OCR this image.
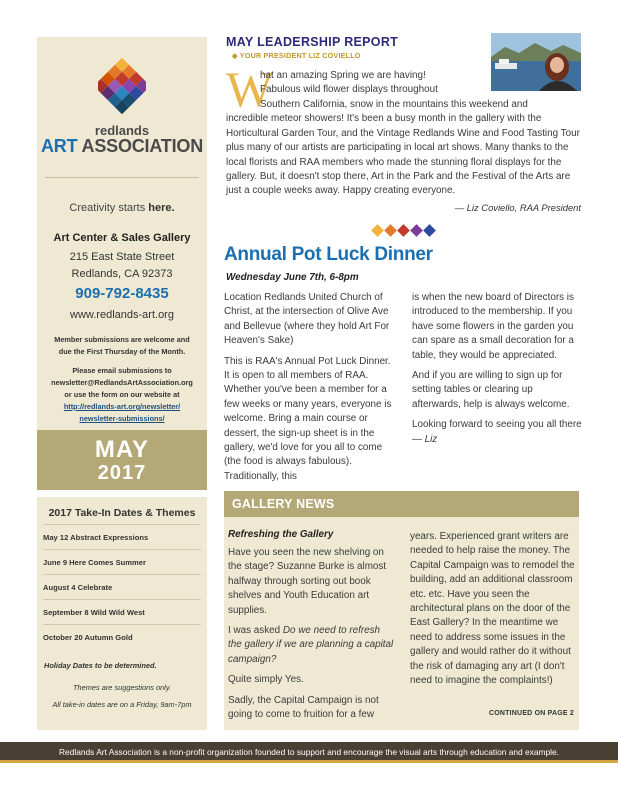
redlands
ART ASSOCIATION
Creativity starts here.
Art Center & Sales Gallery
215 East State Street
Redlands, CA 92373
909-792-8435
www.redlands-art.org
Member submissions are welcome and
due the First Thursday of the Month.
Please email submissions to
newsletter@RedlandsArtAssociation.org
or use the form on our website at
http://redlands-art.org/newsletter/
newsletter-submissions/
MAY
2017
2017 Take-In Dates & Themes
May 12 Abstract Expressions
June 9 Here Comes Summer
August 4 Celebrate
September 8 Wild Wild West
October 20 Autumn Gold
Holiday Dates to be determined.
Themes are suggestions only.
All take-in dates are on a Friday, 9am-7pm
MAY LEADERSHIP REPORT
◆ YOUR PRESIDENT LIZ COVIELLO
W
hat an amazing Spring we are having!
Fabulous wild flower displays throughout
Southern California, snow in the mountains this weekend and
incredible meteor showers! It's been a busy month in the gallery with the Horticultural Garden Tour, and the Vintage Redlands Wine and Food Tasting Tour plus many of our artists are participating in local art shows. Many thanks to the local florists and RAA members who made the stunning floral displays for the gallery. But, it doesn't stop there, Art in the Park and the Festival of the Arts are just a couple weeks away. Happy creating everyone.
— Liz Coviello, RAA President
Annual Pot Luck Dinner
Wednesday June 7th, 6-8pm

Location Redlands United Church of Christ, at the intersection of Olive Ave and Bellevue (where they hold Art For Heaven's Sake)

This is RAA's Annual Pot Luck Dinner. It is open to all members of RAA. Whether you've been a member for a few weeks or many years, everyone is welcome. Bring a main course or dessert, the sign-up sheet is in the gallery, we'd love for you all to come (the food is always fabulous). Traditionally, this

is when the new board of Directors is introduced to the membership. If you have some flowers in the garden you can spare as a small decoration for a table, they would be appreciated.

And if you are willing to sign up for setting tables or clearing up afterwards, help is always welcome.

Looking forward to seeing you all there — Liz

GALLERY NEWS
Refreshing the Gallery

Have you seen the new shelving on the stage? Suzanne Burke is almost halfway through sorting out book shelves and Youth Education art supplies.

I was asked Do we need to refresh the gallery if we are planning a capital campaign?

Quite simply Yes.

Sadly, the Capital Campaign is not going to come to fruition for a few

years. Experienced grant writers are needed to help raise the money. The Capital Campaign was to remodel the building, add an additional classroom etc. etc. Have you seen the architectural plans on the door of the East Gallery? In the meantime we need to address some issues in the gallery and would rather do it without the risk of damaging any art (I don't need to imagine the complaints!)

CONTINUED ON PAGE 2
Redlands Art Association is a non-profit organization founded to support and encourage the visual arts through education and example.
